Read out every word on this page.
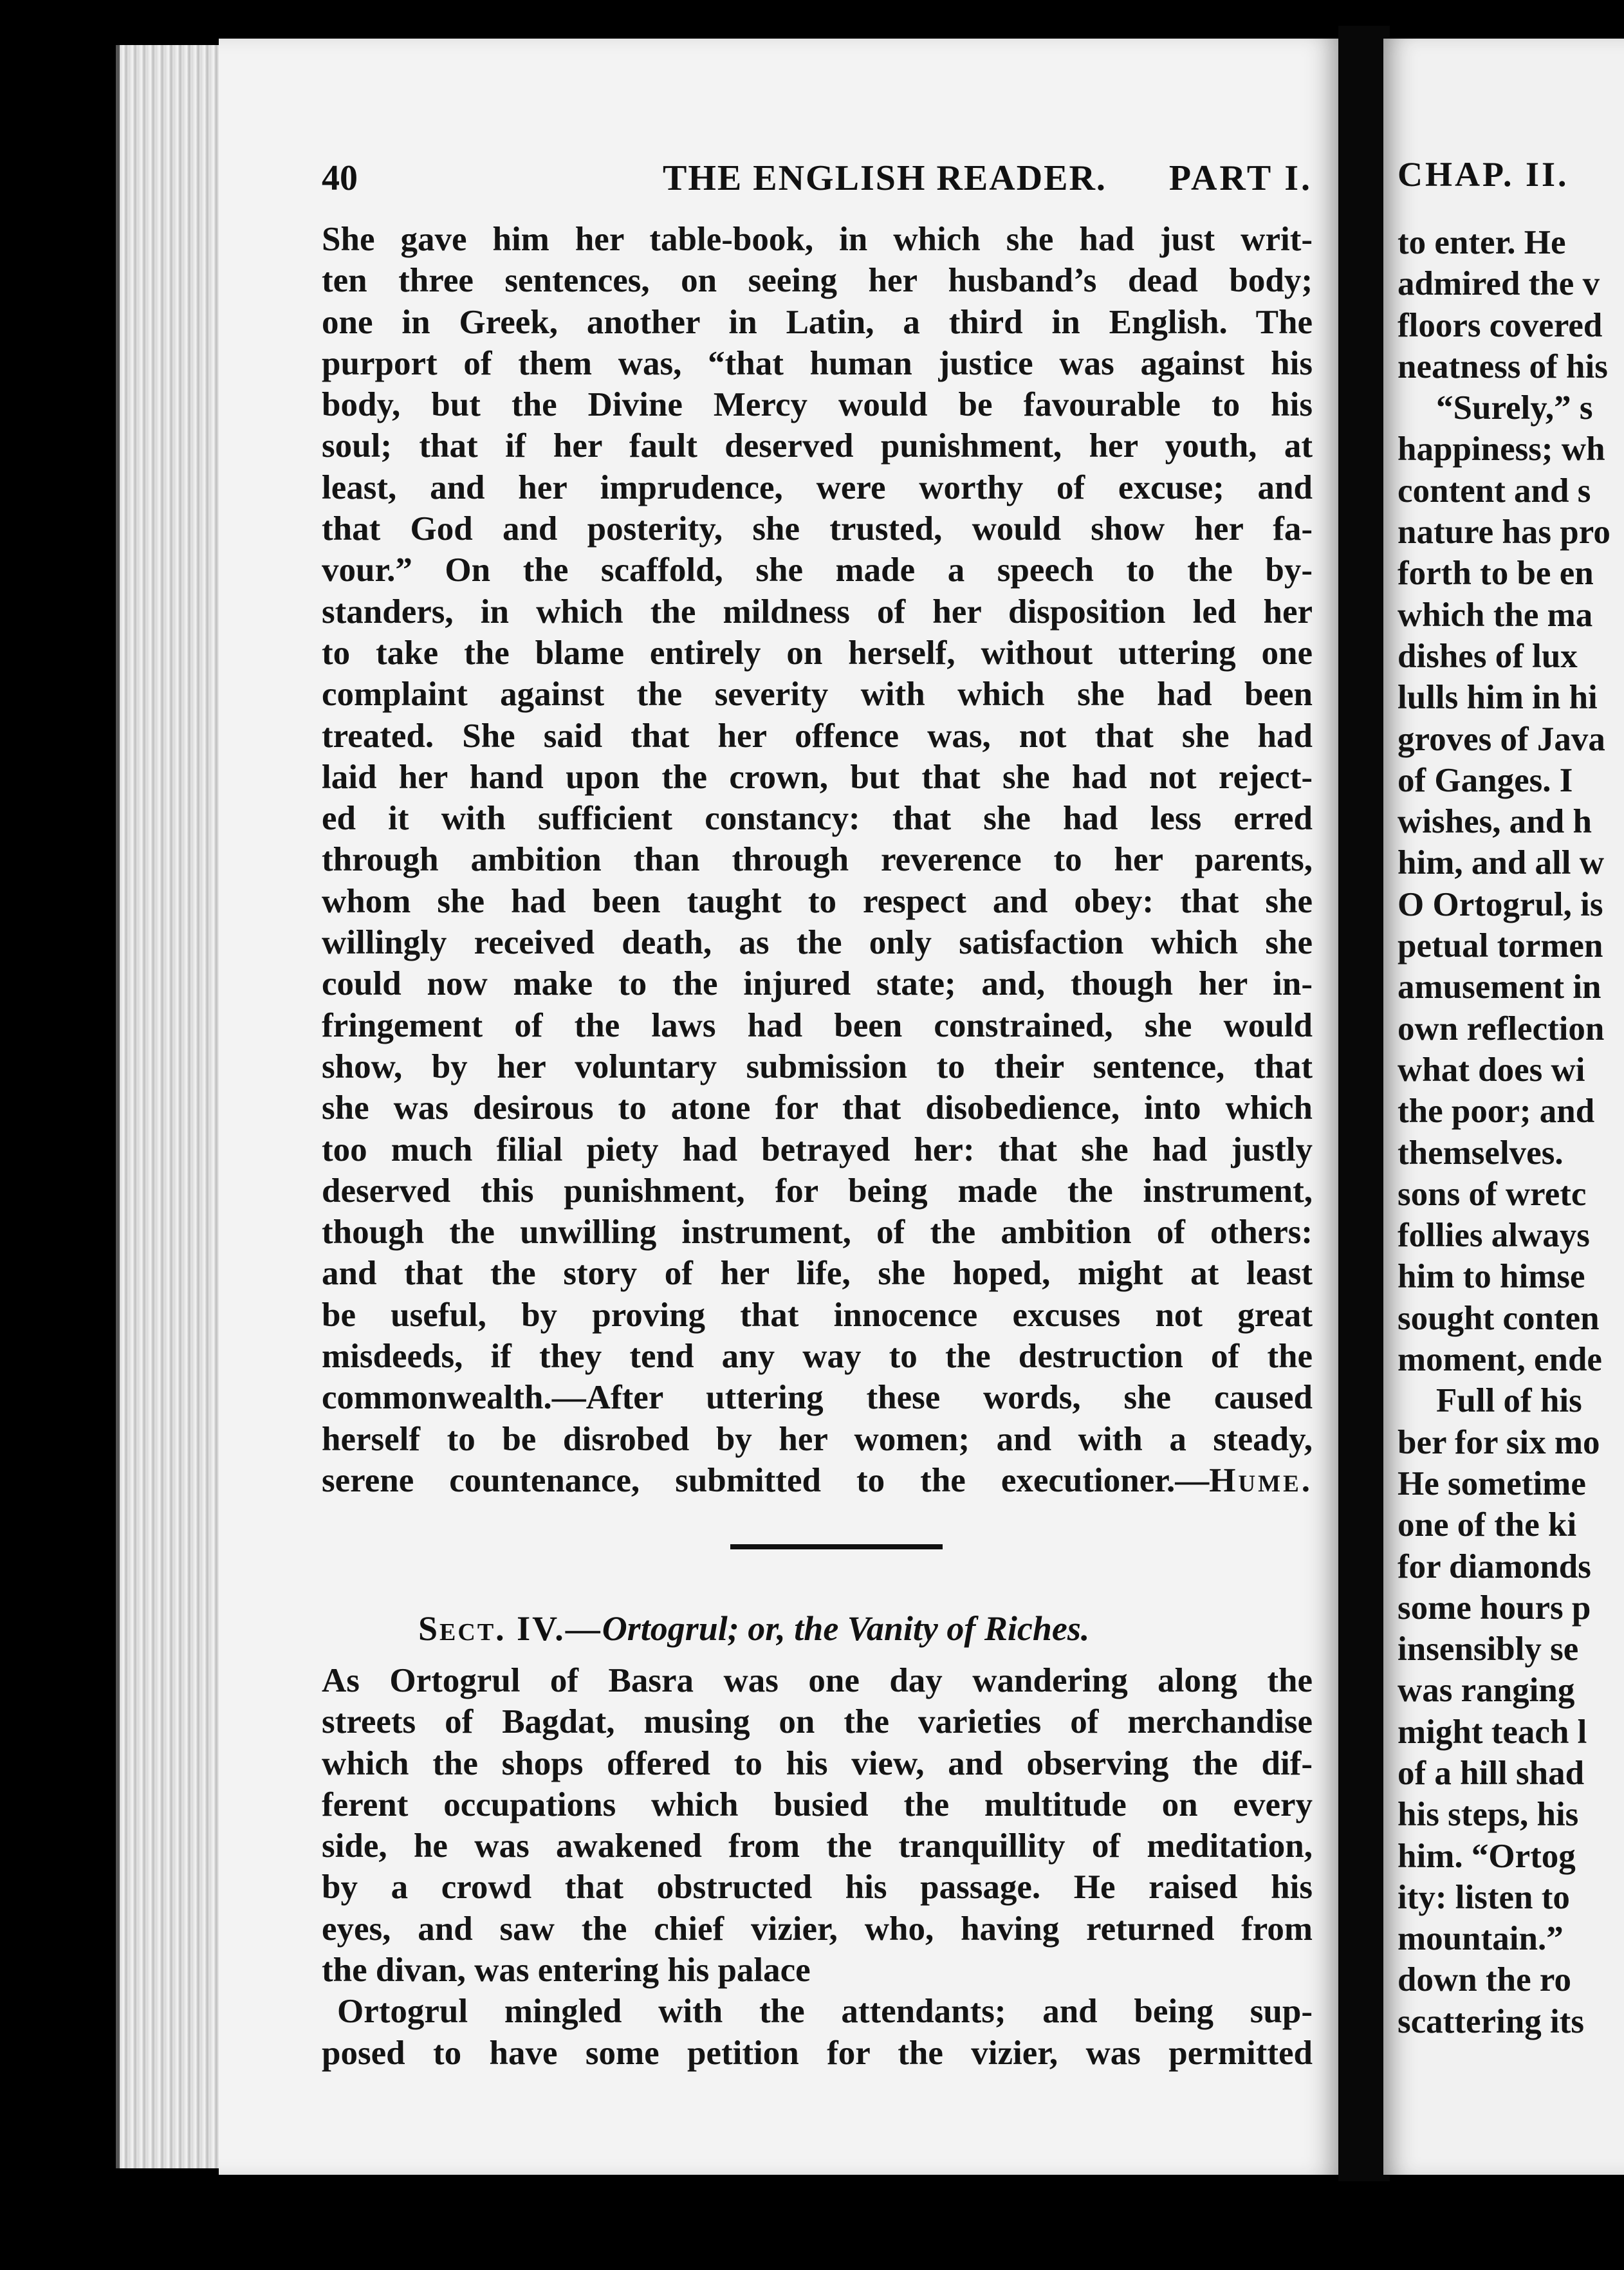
40	THE ENGLISH READER. PART I.
She gave him her table-book, in which she had just writ-
ten three sentences, on seeing her husband’s dead body;
one in Greek, another in Latin, a third in English. The
purport of them was, “that human justice was against his
body, but the Divine Mercy would be favourable to his
soul; that if her fault deserved punishment, her youth, at
least, and her imprudence, were worthy of excuse; and
that God and posterity, she trusted, would show her fa-
vour.” On the scaffold, she made a speech to the by-
standers, in which the mildness of her disposition led her
to take the blame entirely on herself, without uttering one
complaint against the severity with which she had been
treated. She said that her offence was, not that she had
laid her hand upon the crown, but that she had not reject-
ed it with sufficient constancy: that she had less erred
through ambition than through reverence to her parents,
whom she had been taught to respect and obey: that she
willingly received death, as the only satisfaction which she
could now make to the injured state; and, though her in-
fringement of the laws had been constrained, she would
show, by her voluntary submission to their sentence, that
she was desirous to atone for that disobedience, into which
too much filial piety had betrayed her: that she had justly
deserved this punishment, for being made the instrument,
though the unwilling instrument, of the ambition of others:
and that the story of her life, she hoped, might at least
be useful, by proving that innocence excuses not great
misdeeds, if they tend any way to the destruction of the
commonwealth.—After uttering these words, she caused
herself to be disrobed by her women; and with a steady,
serene countenance, submitted to the executioner.—Hume.
Sect. IV.—Ortogrul; or, the Vanity of Riches.
As Ortogrul of Basra was one day wandering along the
streets of Bagdat, musing on the varieties of merchandise
which the shops offered to his view, and observing the dif-
ferent occupations which busied the multitude on every
side, he was awakened from the tranquillity of meditation,
by a crowd that obstructed his passage. He raised his
eyes, and saw the chief vizier, who, having returned from
the divan, was entering his palace
Ortogrul mingled with the attendants; and being sup-
posed to have some petition for the vizier, was permitted
CHAP. II.
to enter. He
admired the v
floors covered
neatness of his
“Surely,” s
happiness; wh
content and s
nature has pro
forth to be en
which the ma
dishes of lux
lulls him in hi
groves of Java
of Ganges. I
wishes, and h
him, and all w
O Ortogrul, is
petual tormen
amusement in
own reflection
what does wi
the poor; and
themselves.
sons of wretc
follies always
him to himse
sought conten
moment, ende
Full of his
ber for six mo
He sometime
one of the ki
for diamonds
some hours p
insensibly se
was ranging
might teach l
of a hill shad
his steps, his
him. “Ortog
ity: listen to
mountain.”
down the ro
scattering its
